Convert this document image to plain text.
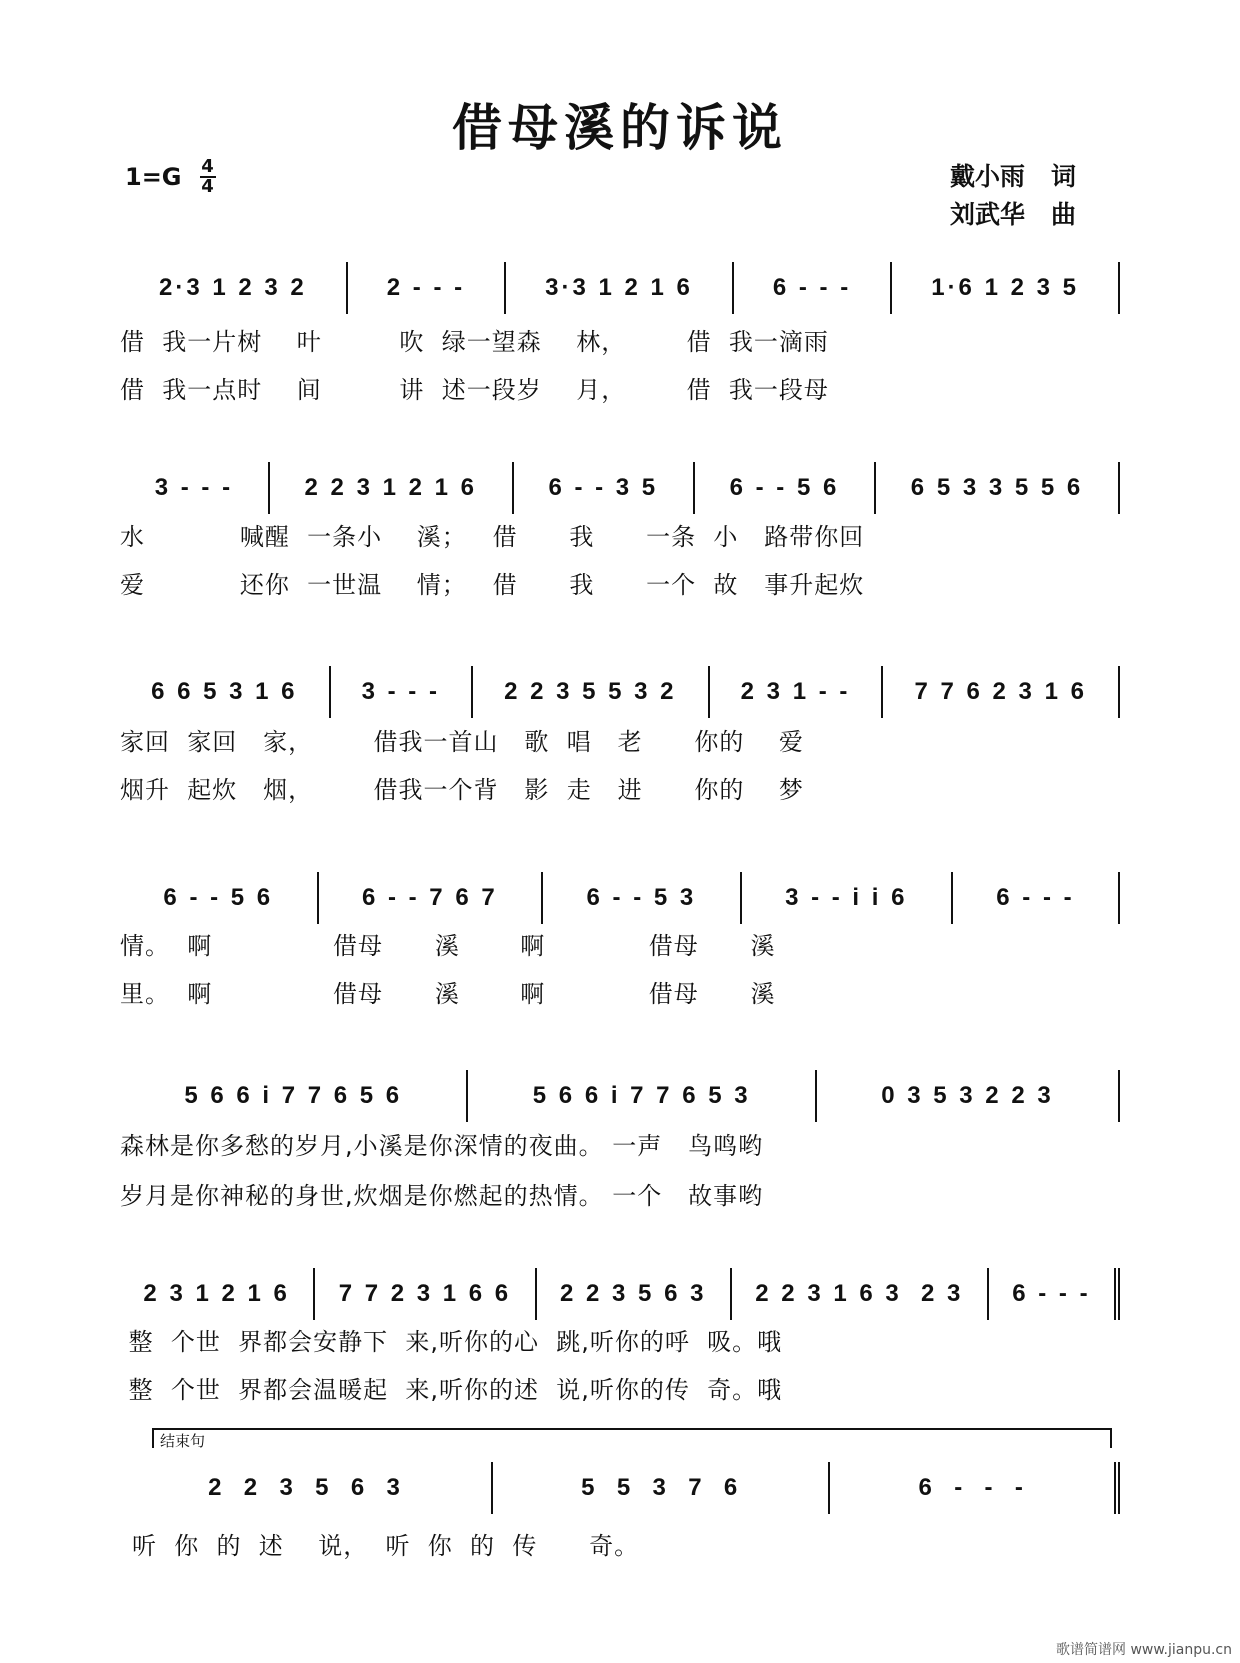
借母溪的诉说
$1=G \frac{4}{4}$	戴小雨 词
刘武华 曲
2·3 1 2 3 2	2 - - -	3·3 1 2 1 6	6 - - -	1·6 1 2 3 5
借  我一片树    叶         吹  绿一望森    林，       借  我一滴雨
借  我一点时    间         讲  述一段岁    月，       借  我一段母
3 - - -	2 2 3 1 2 1 6	6 - - 3 5	6 - - 5 6	6 5 3 3 5 5 6
水           喊醒  一条小    溪；   借      我      一条  小   路带你回
爱           还你  一世温    情；   借      我      一个  故   事升起炊
6 6 5 3 1 6	3 - - -	2 2 3 5 5 3 2	2 3 1 - -	7 7 6 2 3 1 6
家回  家回   家，       借我一首山   歌  唱   老      你的    爱
烟升  起炊   烟，       借我一个背   影  走   进      你的    梦
6 - - 5 6	6 - - 7 6 7	6 - - 5 3	3 - - i i 6	6 - - -
情。  啊              借母      溪       啊            借母      溪
里。  啊              借母      溪       啊            借母      溪
5 6 6 i 7 7 6 5 6	5 6 6 i 7 7 6 5 3	0 3 5 3 2 2 3
森林是你多愁的岁月,小溪是你深情的夜曲。 一声   鸟鸣哟
岁月是你神秘的身世,炊烟是你燃起的热情。 一个   故事哟
2 3 1 2 1 6	7 7 2 3 1 6 6	2 2 3 5 6 3	2 2 3 1 6 3  2 3	6 - - -
整  个世  界都会安静下  来,听你的心  跳,听你的呼  吸。哦
整  个世  界都会温暖起  来,听你的述  说,听你的传  奇。哦
2  2  3  5  6  3	5  5  3  7  6	6  -  -  -
听  你  的  述    说，  听  你  的  传      奇。
结束句
歌谱简谱网 www.jianpu.cn
